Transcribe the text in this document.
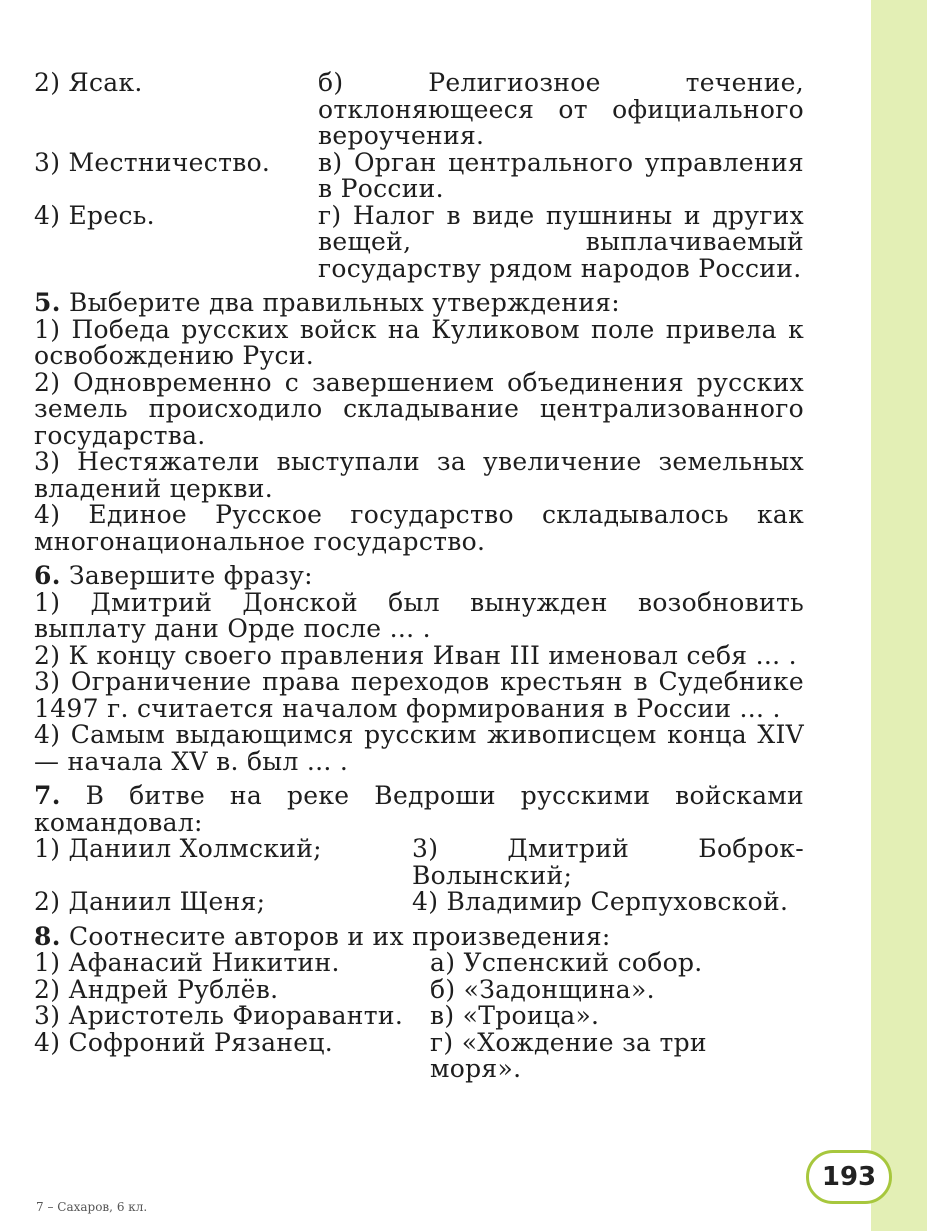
2) Ясак.	б) Религиозное течение, отклоняющееся от официального вероучения.
3) Местничество.	в) Орган центрального управления в России.
4) Ересь.	г) Налог в виде пушнины и других вещей, выплачиваемый государству рядом народов России.
5. Выберите два правильных утверждения:
1) Победа русских войск на Куликовом поле привела к освобождению Руси.
2) Одновременно с завершением объединения русских земель происходило складывание централизованного государства.
3) Нестяжатели выступали за увеличение земельных владений церкви.
4) Единое Русское государство складывалось как многонациональное государство.
6. Завершите фразу:
1) Дмитрий Донской был вынужден возобновить выплату дани Орде после ... .
2) К концу своего правления Иван III именовал себя ... .
3) Ограничение права переходов крестьян в Судебнике 1497 г. считается началом формирования в России ... .
4) Самым выдающимся русским живописцем конца XIV — начала XV в. был ... .
7. В битве на реке Ведроши русскими войсками командовал:
1) Даниил Холмский;	3) Дмитрий Боброк-Волынский;
2) Даниил Щеня;	4) Владимир Серпуховской.
8. Соотнесите авторов и их произведения:
1) Афанасий Никитин.	а) Успенский собор.
2) Андрей Рублёв.	б) «Задонщина».
3) Аристотель Фиораванти.	в) «Троица».
4) Софроний Рязанец.	г) «Хождение за три моря».
193
7 – Сахаров, 6 кл.
